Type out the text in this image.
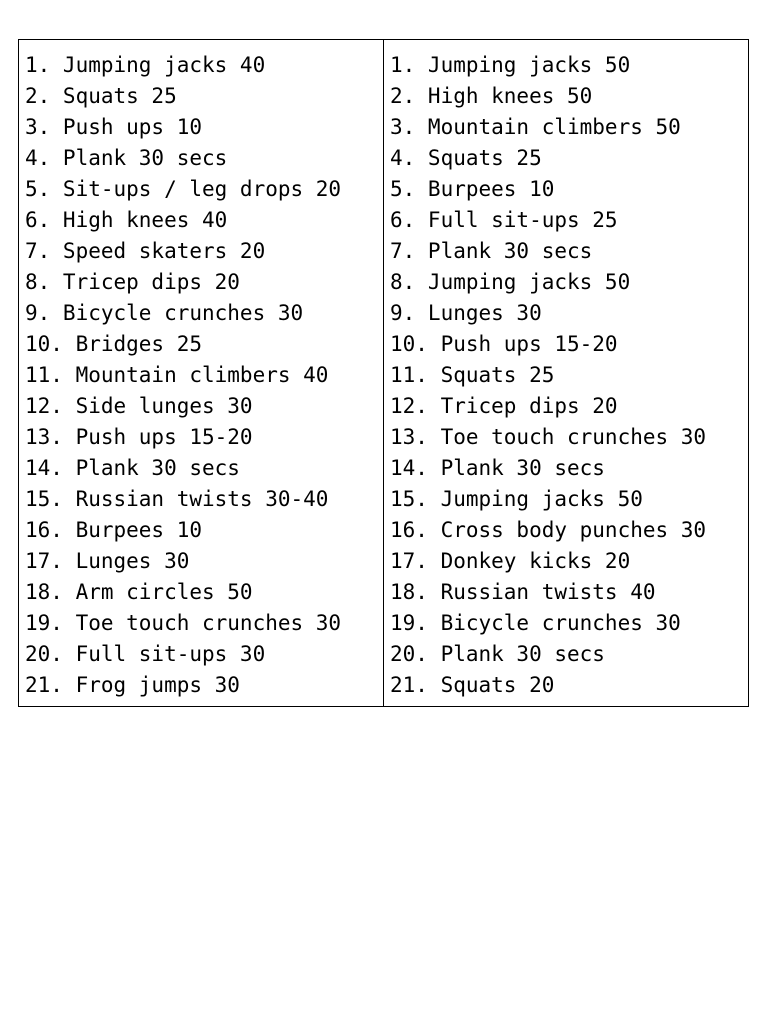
1. Jumping jacks 40
2. Squats 25
3. Push ups 10
4. Plank 30 secs
5. Sit-ups / leg drops 20
6. High knees 40
7. Speed skaters 20
8. Tricep dips 20
9. Bicycle crunches 30
10. Bridges 25
11. Mountain climbers 40
12. Side lunges 30
13. Push ups 15-20
14. Plank 30 secs
15. Russian twists 30-40
16. Burpees 10
17. Lunges 30
18. Arm circles 50
19. Toe touch crunches 30
20. Full sit-ups 30
21. Frog jumps 30
1. Jumping jacks 50
2. High knees 50
3. Mountain climbers 50
4. Squats 25
5. Burpees 10
6. Full sit-ups 25
7. Plank 30 secs
8. Jumping jacks 50
9. Lunges 30
10. Push ups 15-20
11. Squats 25
12. Tricep dips 20
13. Toe touch crunches 30
14. Plank 30 secs
15. Jumping jacks 50
16. Cross body punches 30
17. Donkey kicks 20
18. Russian twists 40
19. Bicycle crunches 30
20. Plank 30 secs
21. Squats 20
